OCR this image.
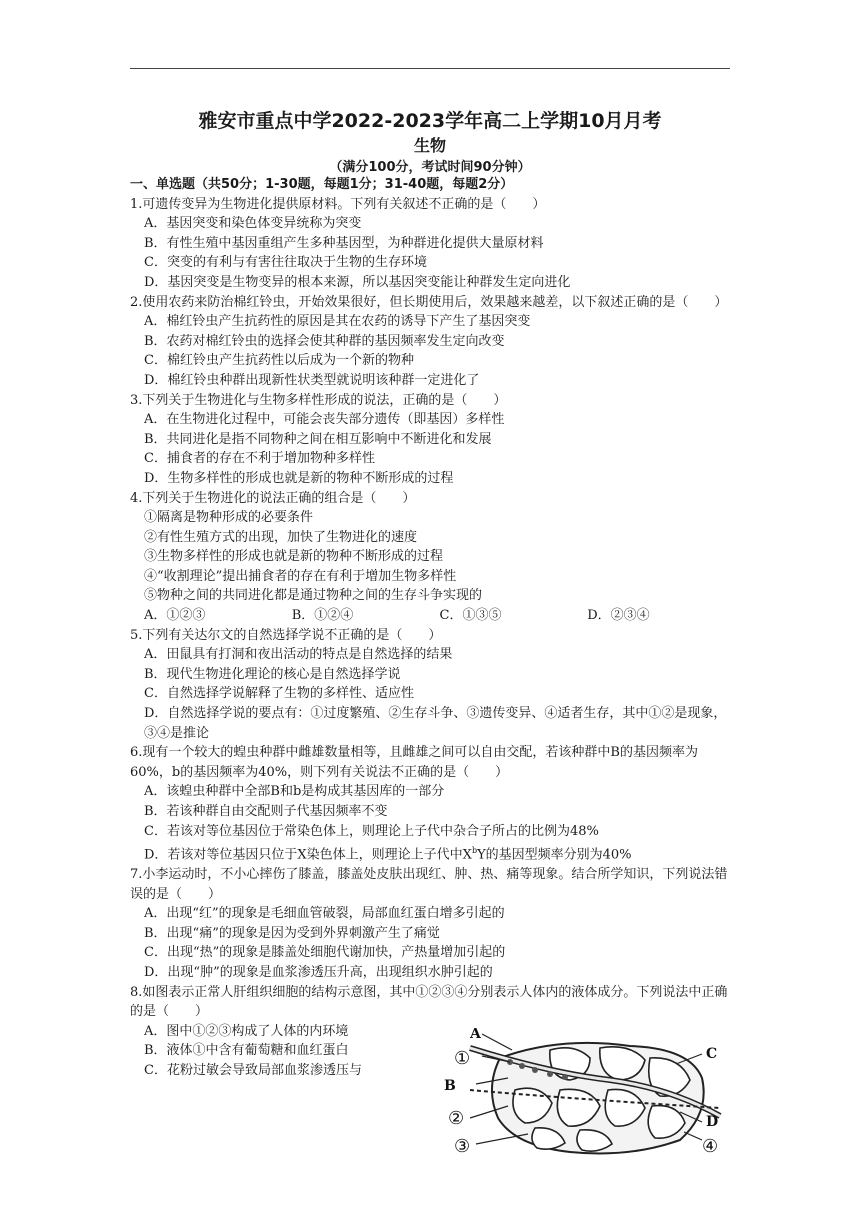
雅安市重点中学2022-2023学年高二上学期10月月考
生物
（满分100分，考试时间90分钟）
一、单选题（共50分；1-30题，每题1分；31-40题，每题2分）
1.可遗传变异为生物进化提供原材料。下列有关叙述不正确的是（　　）
A．基因突变和染色体变异统称为突变
B．有性生殖中基因重组产生多种基因型，为种群进化提供大量原材料
C．突变的有利与有害往往取决于生物的生存环境
D．基因突变是生物变异的根本来源，所以基因突变能让种群发生定向进化
2.使用农药来防治棉红铃虫，开始效果很好，但长期使用后，效果越来越差，以下叙述正确的是（　　）
A．棉红铃虫产生抗药性的原因是其在农药的诱导下产生了基因突变
B．农药对棉红铃虫的选择会使其种群的基因频率发生定向改变
C．棉红铃虫产生抗药性以后成为一个新的物种
D．棉红铃虫种群出现新性状类型就说明该种群一定进化了
3.下列关于生物进化与生物多样性形成的说法，正确的是（　　）
A．在生物进化过程中，可能会丧失部分遗传（即基因）多样性
B．共同进化是指不同物种之间在相互影响中不断进化和发展
C．捕食者的存在不利于增加物种多样性
D．生物多样性的形成也就是新的物种不断形成的过程
4.下列关于生物进化的说法正确的组合是（　　）
①隔离是物种形成的必要条件
②有性生殖方式的出现，加快了生物进化的速度
③生物多样性的形成也就是新的物种不断形成的过程
④“收割理论”提出捕食者的存在有利于增加生物多样性
⑤物种之间的共同进化都是通过物种之间的生存斗争实现的
A．①②③	B．①②④	C．①③⑤	D．②③④
5.下列有关达尔文的自然选择学说不正确的是（　　）
A．田鼠具有打洞和夜出活动的特点是自然选择的结果
B．现代生物进化理论的核心是自然选择学说
C．自然选择学说解释了生物的多样性、适应性
D．自然选择学说的要点有：①过度繁殖、②生存斗争、③遗传变异、④适者生存，其中①②是现象，③④是推论
6.现有一个较大的蝗虫种群中雌雄数量相等，且雌雄之间可以自由交配，若该种群中B的基因频率为60%，b的基因频率为40%，则下列有关说法不正确的是（　　）
A．该蝗虫种群中全部B和b是构成其基因库的一部分
B．若该种群自由交配则子代基因频率不变
C．若该对等位基因位于常染色体上，则理论上子代中杂合子所占的比例为48%
D．若该对等位基因只位于X染色体上，则理论上子代中$X^bY$的基因型频率分别为40%
7.小李运动时，不小心摔伤了膝盖，膝盖处皮肤出现红、肿、热、痛等现象。结合所学知识，下列说法错误的是（　　）
A．出现“红”的现象是毛细血管破裂，局部血红蛋白增多引起的
B．出现“痛”的现象是因为受到外界刺激产生了痛觉
C．出现“热”的现象是膝盖处细胞代谢加快，产热量增加引起的
D．出现“肿”的现象是血浆渗透压升高，出现组织水肿引起的
8.如图表示正常人肝组织细胞的结构示意图，其中①②③④分别表示人体内的液体成分。下列说法中正确的是（　　）
A．图中①②③构成了人体的内环境
B．液体①中含有葡萄糖和血红蛋白
C．花粉过敏会导致局部血浆渗透压与
A
B
C
D
①
②
③	④
